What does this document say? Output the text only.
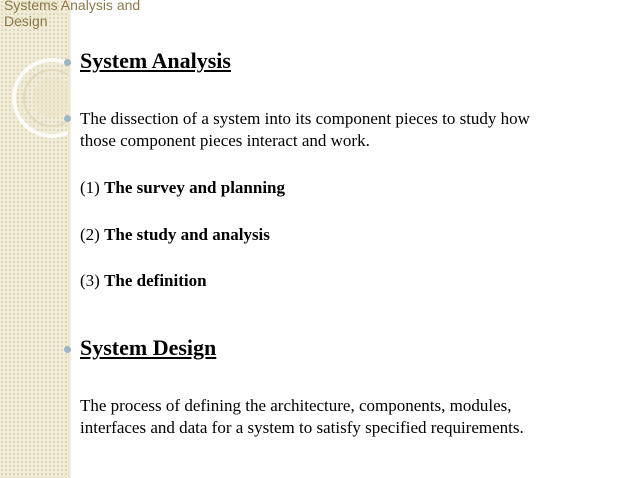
Systems Analysis and
Design
System Analysis
The dissection of a system into its component pieces to study how
those component pieces interact and work.
(1) The survey and planning
(2) The study and analysis
(3) The definition
System Design
The process of defining the architecture, components, modules,
interfaces and data for a system to satisfy specified requirements.
